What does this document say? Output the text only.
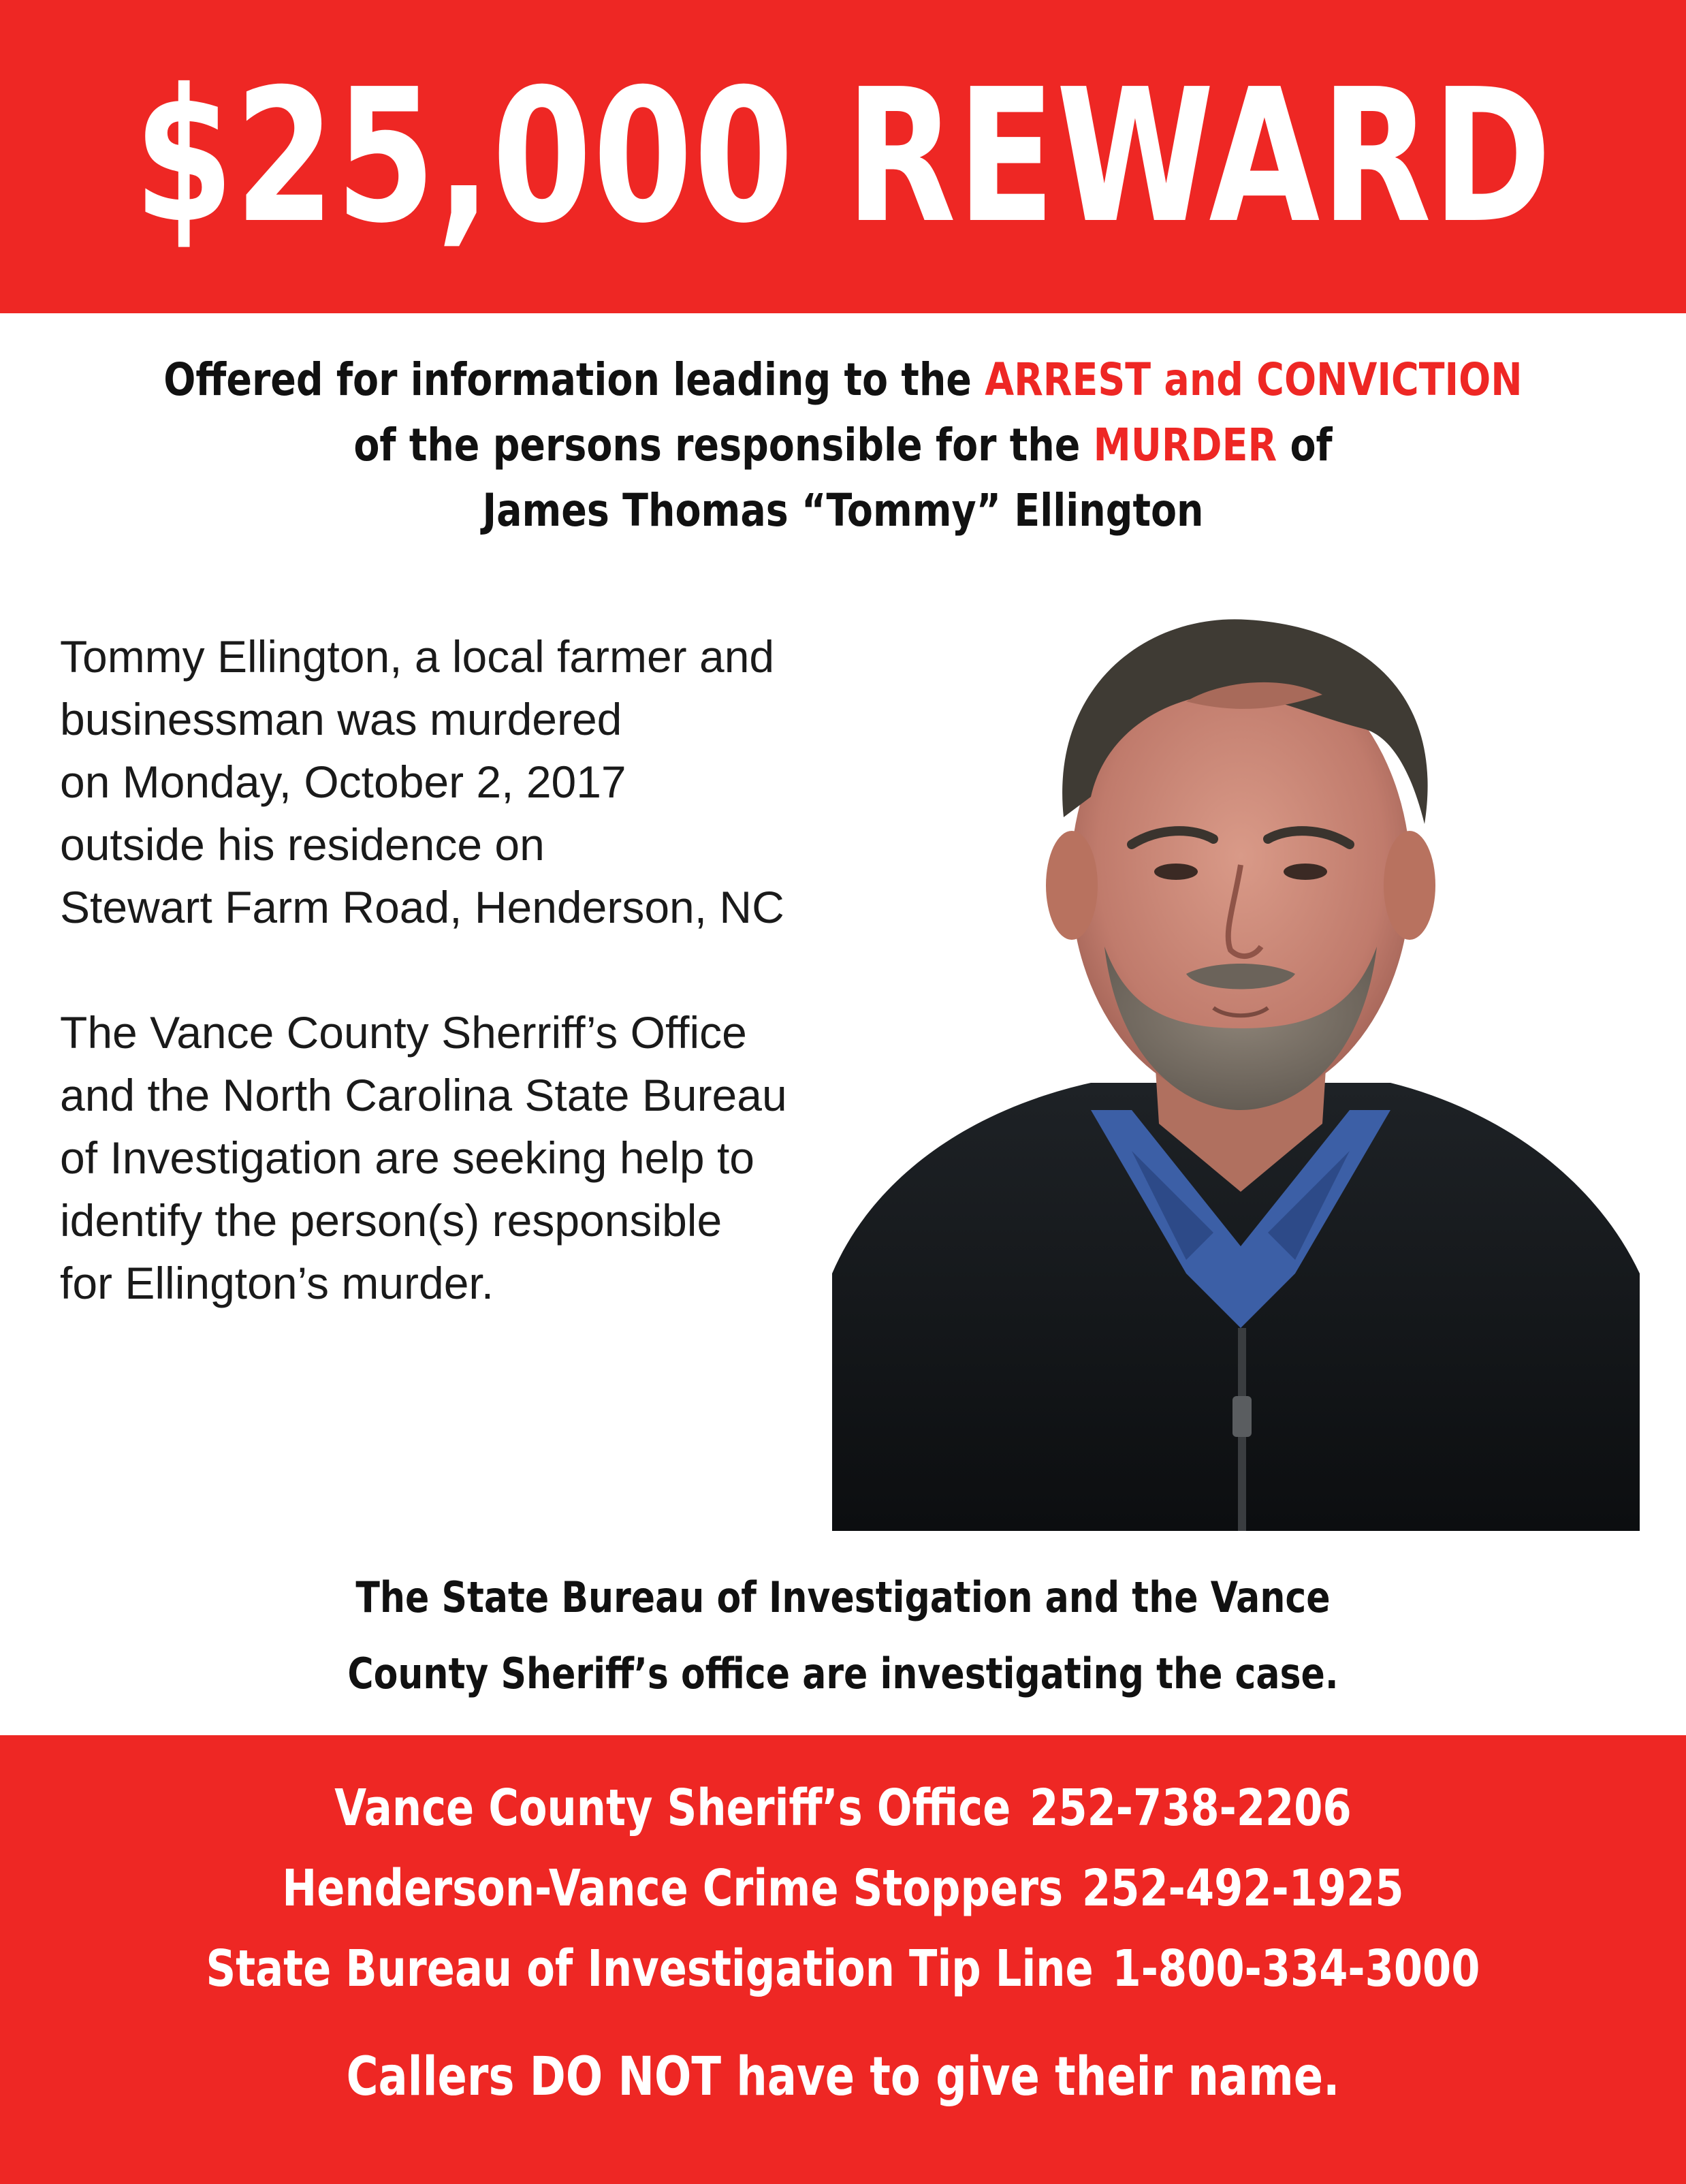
$25,000 REWARD
Offered for information leading to the ARREST and CONVICTION
of the persons responsible for the MURDER of
James Thomas “Tommy” Ellington

Tommy Ellington, a local farmer and
businessman was murdered
on Monday, October 2, 2017
outside his residence on
Stewart Farm Road, Henderson, NC

The Vance County Sherriff’s Office
and the North Carolina State Bureau
of Investigation are seeking help to
identify the person(s) responsible
for Ellington’s murder.

The State Bureau of Investigation and the Vance
County Sheriff’s office are investigating the case.
Vance County Sheriff’s Office 252-738-2206
Henderson-Vance Crime Stoppers 252-492-1925
State Bureau of Investigation Tip Line 1-800-334-3000
Callers DO NOT have to give their name.
